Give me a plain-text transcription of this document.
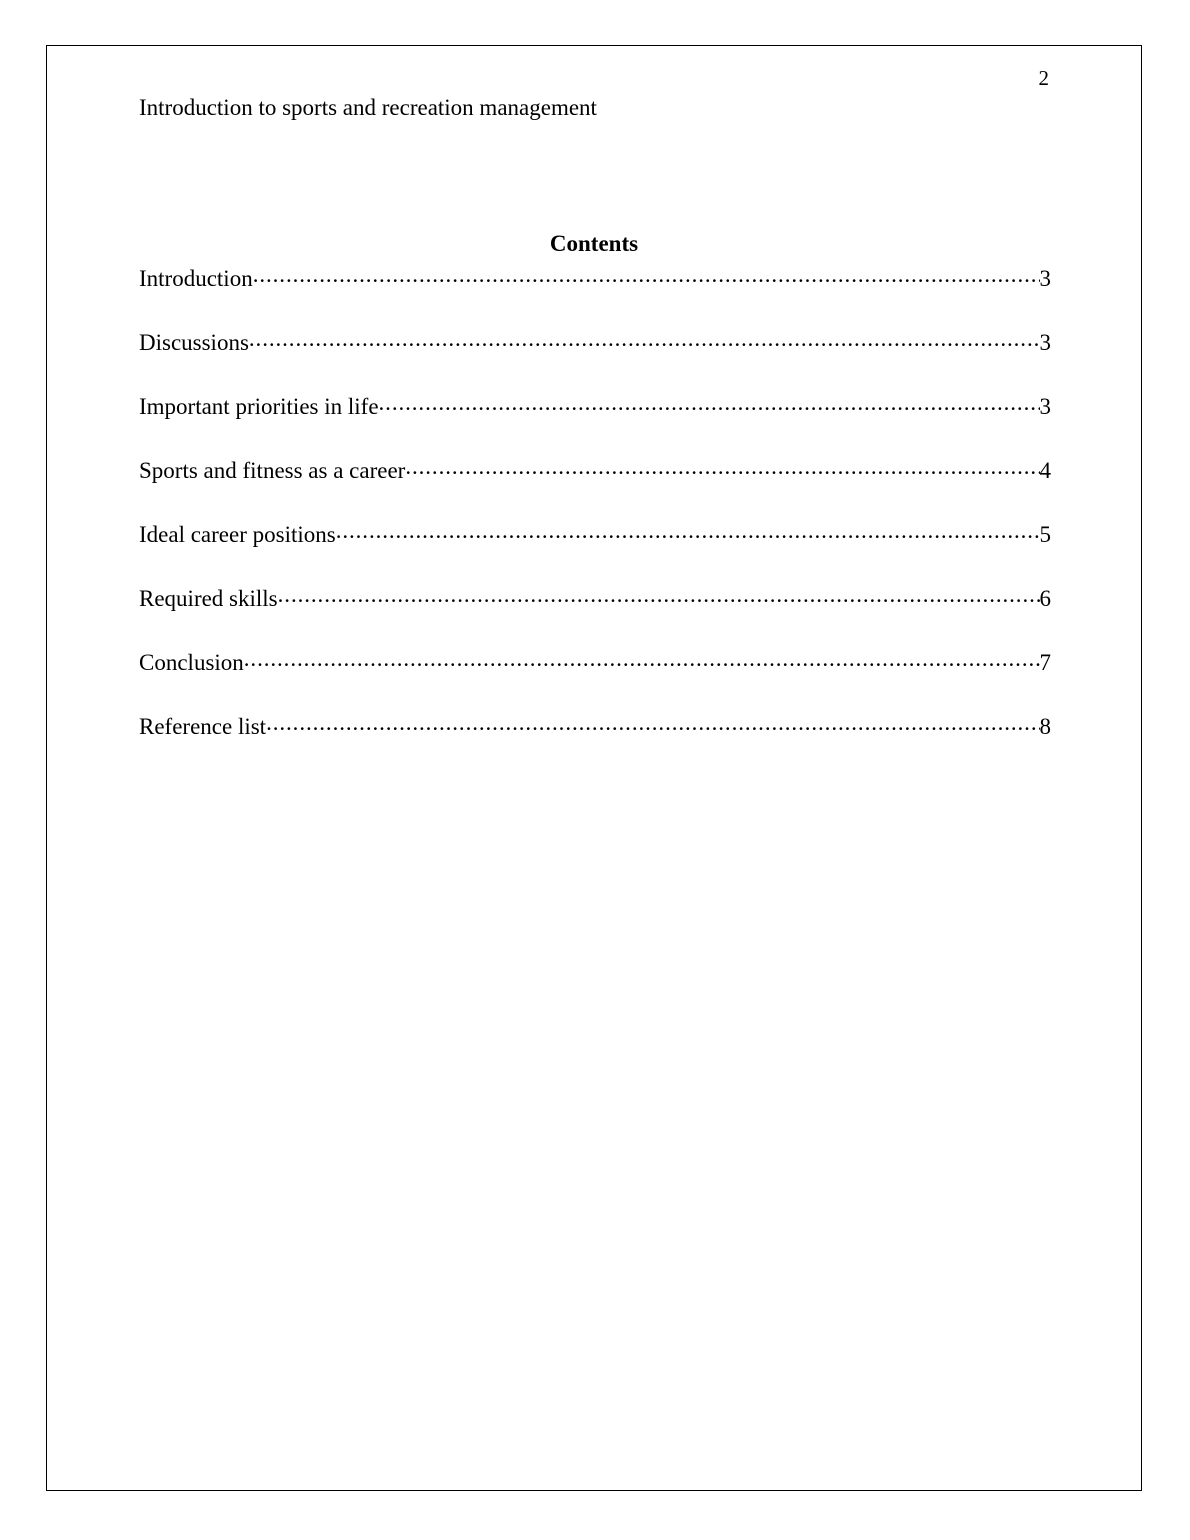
2
Introduction to sports and recreation management
Contents
Introduction .....	3
Discussions .....	3
Important priorities in life .....	3
Sports and fitness as a career .....	4
Ideal career positions .....	5
Required skills .....	6
Conclusion .....	7
Reference list .....	8
